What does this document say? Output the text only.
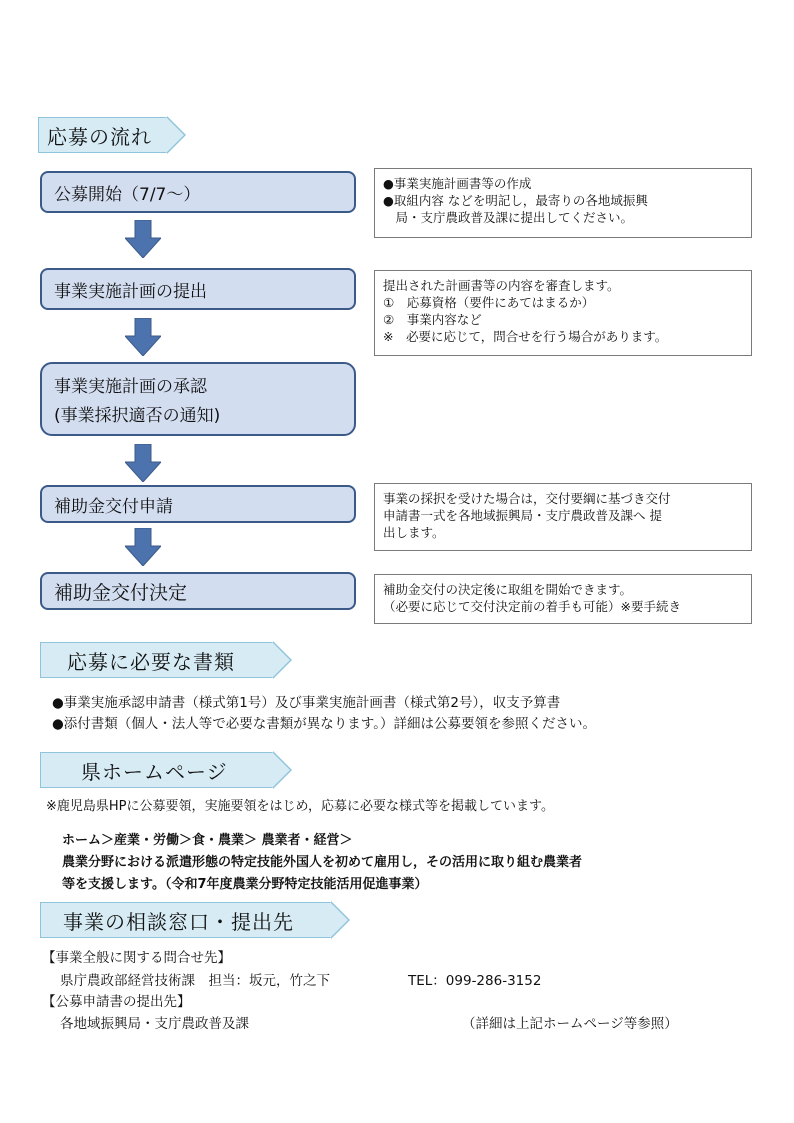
応募の流れ
公募開始（7/7～）
●事業実施計画書等の作成
●取組内容 などを明記し，最寄りの各地域振興
　局・支庁農政普及課に提出してください。
事業実施計画の提出	提出された計画書等の内容を審査します。
①　応募資格（要件にあてはまるか）
②　事業内容など
※　必要に応じて，問合せを行う場合があります。
事業実施計画の承認
(事業採択適否の通知)
補助金交付申請	事業の採択を受けた場合は，交付要綱に基づき交付
申請書一式を各地域振興局・支庁農政普及課へ 提
出します。
補助金交付決定	補助金交付の決定後に取組を開始できます。
（必要に応じて交付決定前の着手も可能）※要手続き
応募に必要な書類
●事業実施承認申請書（様式第1号）及び事業実施計画書（様式第2号），収支予算書
●添付書類（個人・法人等で必要な書類が異なります。）詳細は公募要領を参照ください。
県ホームページ
※鹿児島県HPに公募要領，実施要領をはじめ，応募に必要な様式等を掲載しています。
ホーム＞産業・労働＞食・農業＞ 農業者・経営＞
農業分野における派遣形態の特定技能外国人を初めて雇用し，その活用に取り組む農業者
等を支援します。（令和7年度農業分野特定技能活用促進事業）
事業の相談窓口・提出先
【事業全般に関する問合せ先】
県庁農政部経営技術課　担当：坂元，竹之下	TEL：099-286-3152
【公募申請書の提出先】
各地域振興局・支庁農政普及課	（詳細は上記ホームページ等参照）
